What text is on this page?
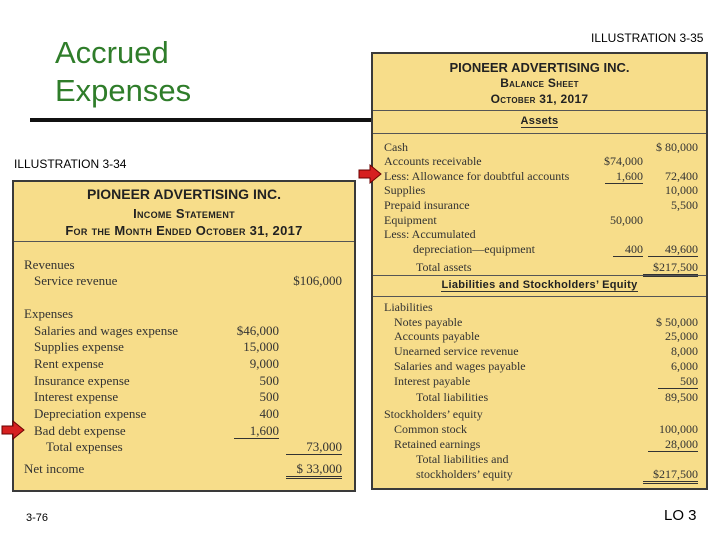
Accrued
Expenses
ILLUSTRATION 3-34
ILLUSTRATION 3-35
PIONEER ADVERTISING INC.
Income Statement
For the Month Ended October 31, 2017
Revenues
Service revenue	$106,000
Expenses
Salaries and wages expense	$46,000
Supplies expense	15,000
Rent expense	9,000
Insurance expense	500
Interest expense	500
Depreciation expense	400
Bad debt expense	1,600
Total expenses	73,000
Net income	$ 33,000
PIONEER ADVERTISING INC.
Balance Sheet
October 31, 2017
Assets
Cash	$ 80,000
Accounts receivable	$74,000
Less: Allowance for doubtful accounts	1,600	72,400
Supplies	10,000
Prepaid insurance	5,500
Equipment	50,000
Less: Accumulated
depreciation—equipment	400	49,600
Total assets	$217,500
Liabilities and Stockholders’ Equity
Liabilities
Notes payable	$ 50,000
Accounts payable	25,000
Unearned service revenue	8,000
Salaries and wages payable	6,000
Interest payable	500
Total liabilities	89,500
Stockholders’ equity
Common stock	100,000
Retained earnings	28,000
Total liabilities and
stockholders’ equity	$217,500
3-76	LO 3
